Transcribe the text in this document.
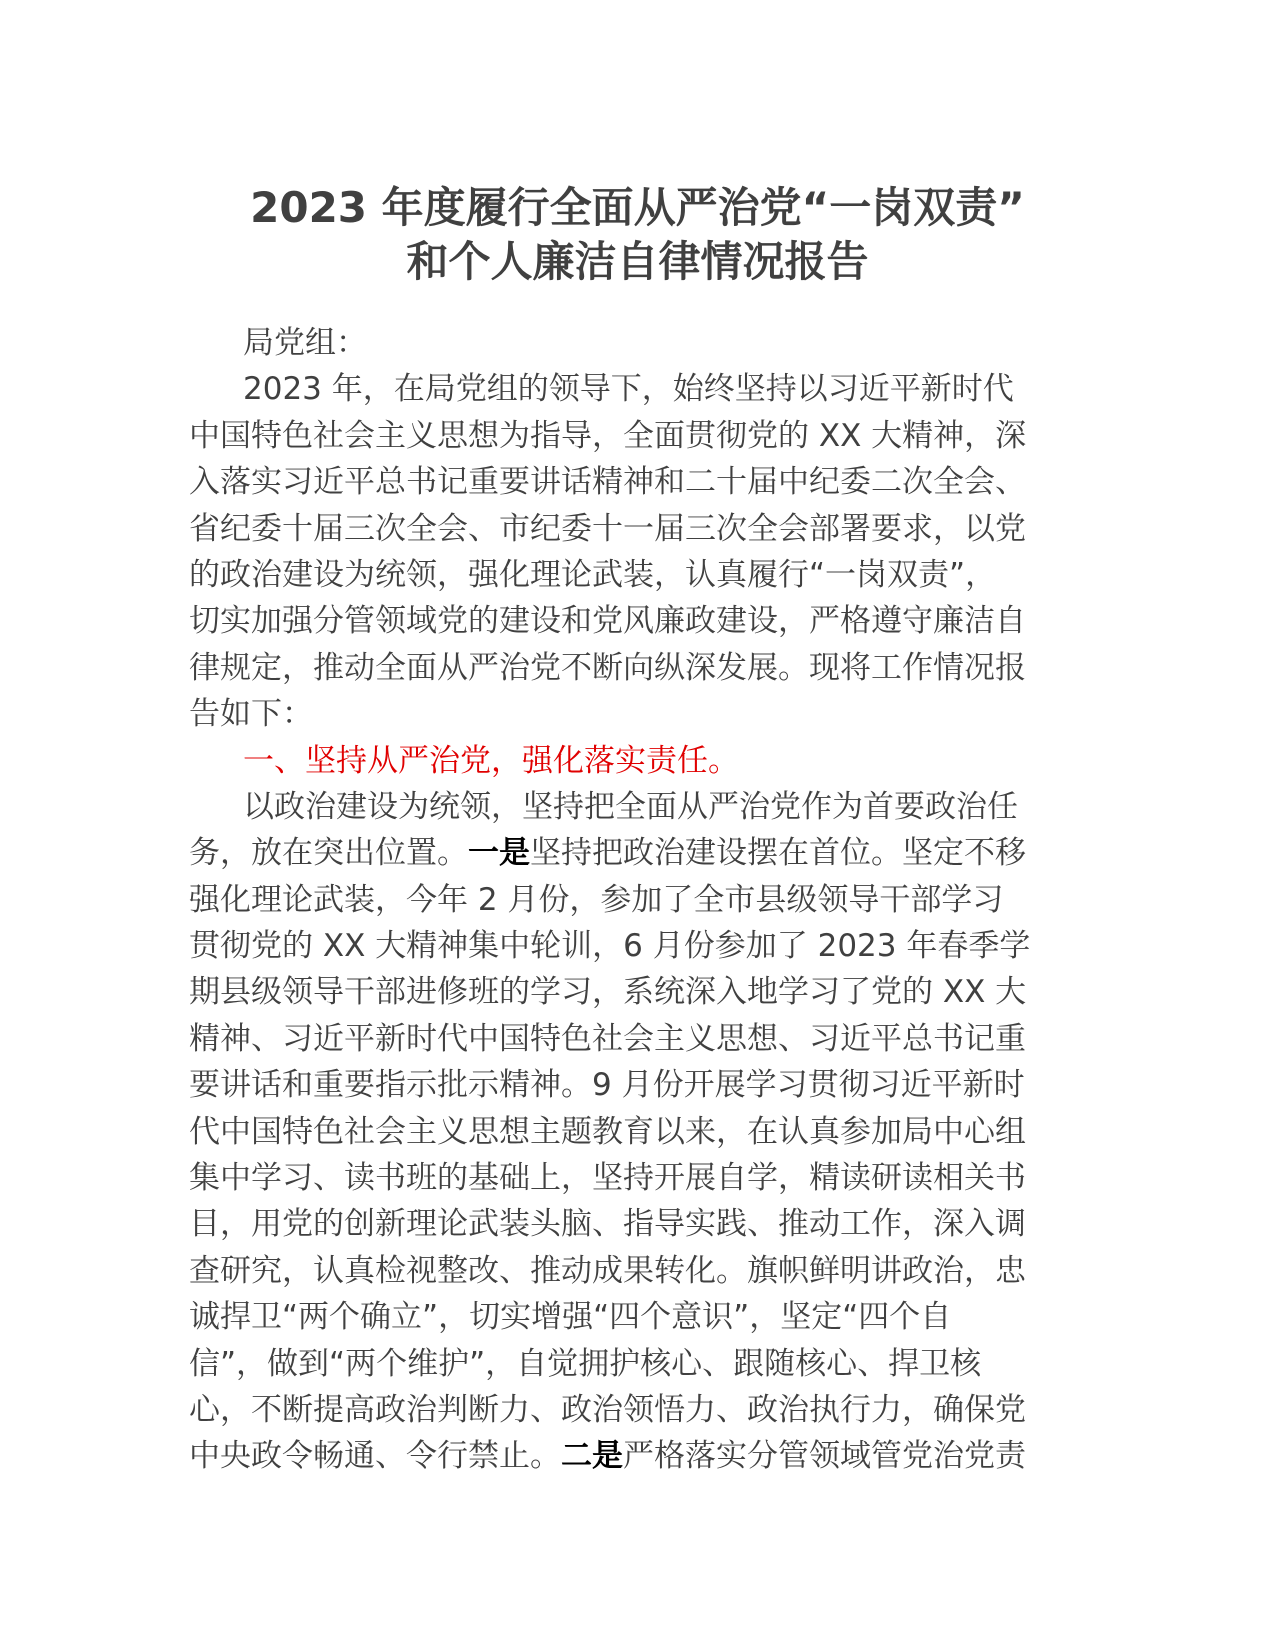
2023 年度履行全面从严治党“一岗双责”
和个人廉洁自律情况报告
局党组：
2023 年，在局党组的领导下，始终坚持以习近平新时代
中国特色社会主义思想为指导，全面贯彻党的 XX 大精神，深
入落实习近平总书记重要讲话精神和二十届中纪委二次全会、
省纪委十届三次全会、市纪委十一届三次全会部署要求，以党
的政治建设为统领，强化理论武装，认真履行“一岗双责”，
切实加强分管领域党的建设和党风廉政建设，严格遵守廉洁自
律规定，推动全面从严治党不断向纵深发展。现将工作情况报
告如下：
一、坚持从严治党，强化落实责任。
以政治建设为统领，坚持把全面从严治党作为首要政治任
务，放在突出位置。一是坚持把政治建设摆在首位。坚定不移
强化理论武装，今年 2 月份，参加了全市县级领导干部学习
贯彻党的 XX 大精神集中轮训，6 月份参加了 2023 年春季学
期县级领导干部进修班的学习，系统深入地学习了党的 XX 大
精神、习近平新时代中国特色社会主义思想、习近平总书记重
要讲话和重要指示批示精神。9 月份开展学习贯彻习近平新时
代中国特色社会主义思想主题教育以来，在认真参加局中心组
集中学习、读书班的基础上，坚持开展自学，精读研读相关书
目，用党的创新理论武装头脑、指导实践、推动工作，深入调
查研究，认真检视整改、推动成果转化。旗帜鲜明讲政治，忠
诚捍卫“两个确立”，切实增强“四个意识”，坚定“四个自
信”，做到“两个维护”，自觉拥护核心、跟随核心、捍卫核
心，不断提高政治判断力、政治领悟力、政治执行力，确保党
中央政令畅通、令行禁止。二是严格落实分管领域管党治党责
